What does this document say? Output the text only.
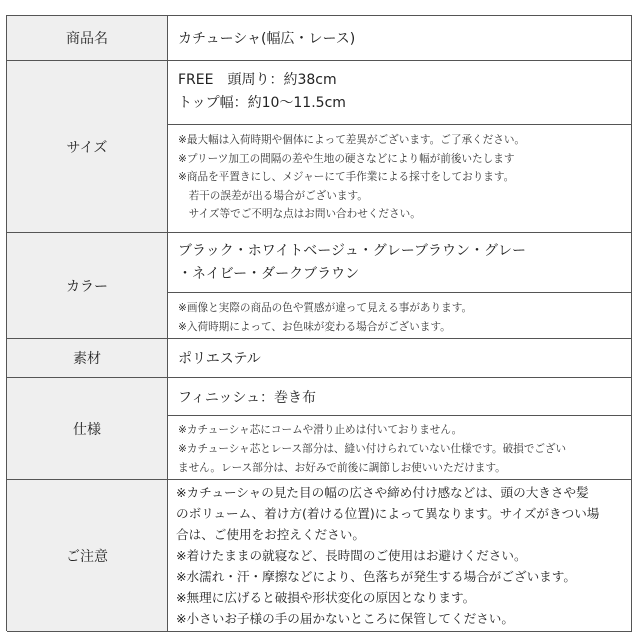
商品名	カチューシャ(幅広・レース)
サイズ
FREE　頭周り：約38cm
トップ幅：約10〜11.5cm
※最大幅は入荷時期や個体によって差異がございます。ご了承ください。
※プリーツ加工の間隔の差や生地の硬さなどにより幅が前後いたします
※商品を平置きにし、メジャーにて手作業による採寸をしております。
　若干の誤差が出る場合がございます。
　サイズ等でご不明な点はお問い合わせください。
カラー
ブラック・ホワイトベージュ・グレーブラウン・グレー
・ネイビー・ダークブラウン
※画像と実際の商品の色や質感が違って見える事があります。
※入荷時期によって、お色味が変わる場合がございます。
素材	ポリエステル
仕様
フィニッシュ：巻き布
※カチューシャ芯にコームや滑り止めは付いておりません。
※カチューシャ芯とレース部分は、縫い付けられていない仕様です。破損でござい
ません。レース部分は、お好みで前後に調節しお使いいただけます。
ご注意
※カチューシャの見た目の幅の広さや締め付け感などは、頭の大きさや髪
のボリューム、着け方(着ける位置)によって異なります。サイズがきつい場
合は、ご使用をお控えください。
※着けたままの就寝など、長時間のご使用はお避けください。
※水濡れ・汗・摩擦などにより、色落ちが発生する場合がございます。
※無理に広げると破損や形状変化の原因となります。
※小さいお子様の手の届かないところに保管してください。
